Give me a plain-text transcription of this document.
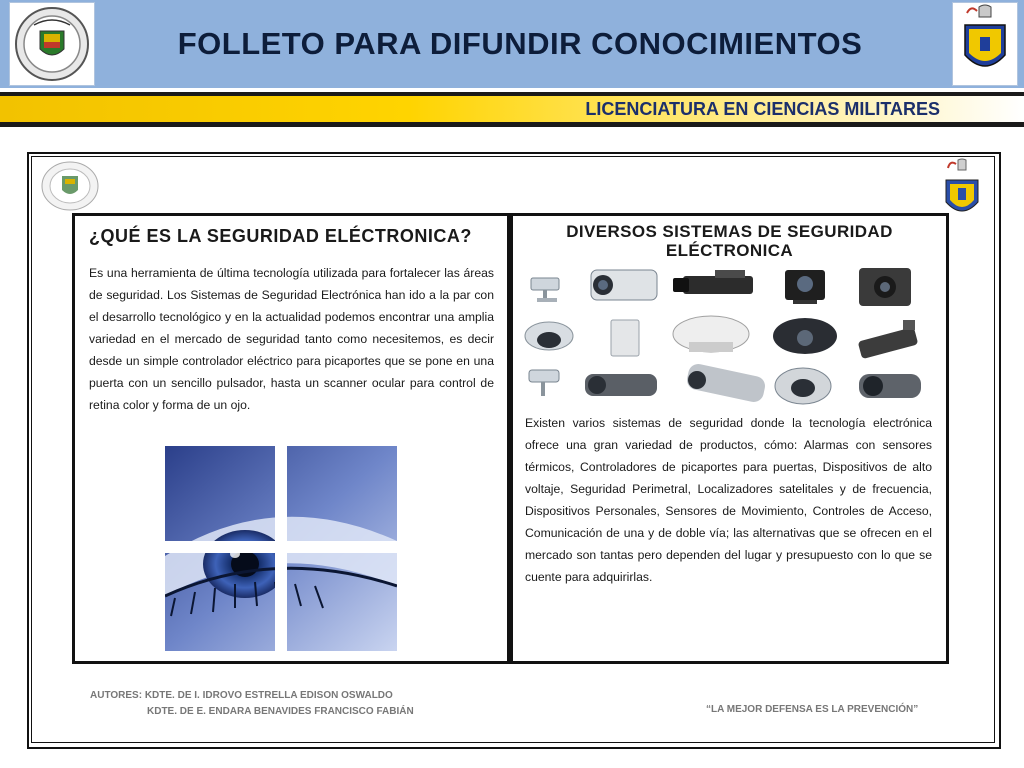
FOLLETO PARA DIFUNDIR CONOCIMIENTOS
LICENCIATURA EN CIENCIAS MILITARES
¿QUÉ ES LA SEGURIDAD ELÉCTRONICA?
Es una herramienta de última tecnología utilizada para fortalecer las áreas de seguridad. Los Sistemas de Seguridad Electrónica han ido a la par con el desarrollo tecnológico y en la actualidad podemos encontrar una amplia variedad en el mercado de seguridad tanto como necesitemos, es decir desde un simple controlador eléctrico para picaportes que se pone en una puerta con un sencillo pulsador, hasta un scanner ocular para control de retina color y forma de un ojo.
DIVERSOS SISTEMAS DE SEGURIDAD ELÉCTRONICA
Existen varios sistemas de seguridad donde la tecnología electrónica ofrece una gran variedad de productos, cómo: Alarmas con sensores térmicos, Controladores de picaportes para puertas, Dispositivos de alto voltaje, Seguridad Perimetral, Localizadores satelitales y de frecuencia, Dispositivos Personales, Sensores de Movimiento, Controles de Acceso, Comunicación de una y de doble vía; las alternativas que se ofrecen en el mercado son tantas pero dependen del lugar y presupuesto con lo que se cuente para adquirirlas.
AUTORES: KDTE. DE I. IDROVO ESTRELLA EDISON OSWALDO
KDTE. DE E. ENDARA BENAVIDES FRANCISCO FABIÁN	“LA MEJOR DEFENSA ES LA PREVENCIÓN”
